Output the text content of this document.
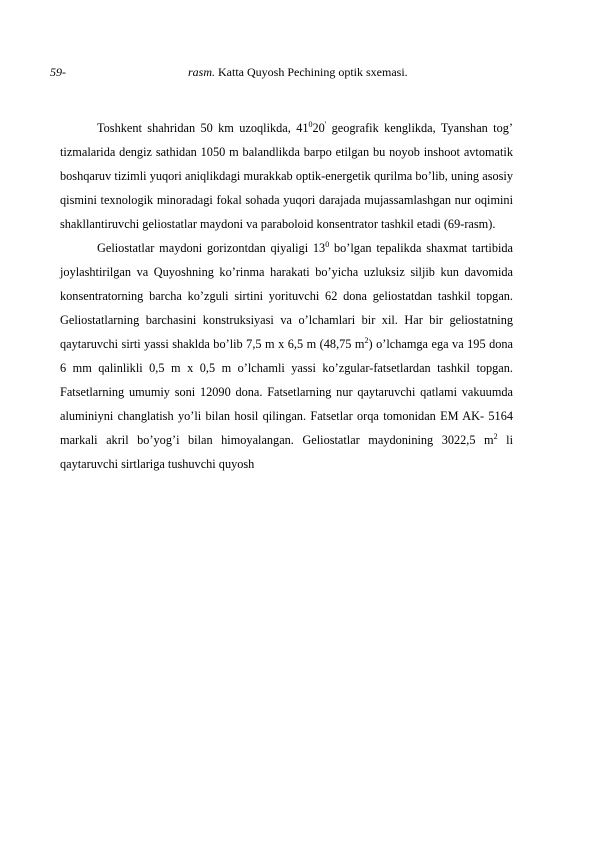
59-	rasm. Katta Quyosh Pechining optik sxemasi.

Toshkent shahridan 50 km uzoqlikda, $41^020'$ geografik kenglikda, Tyanshan tog’ tizmalarida dengiz sathidan 1050 m balandlikda barpo etilgan bu noyob inshoot avtomatik boshqaruv tizimli yuqori aniqlikdagi murakkab optik-energetik qurilma bo’lib, uning asosiy qismini texnologik minoradagi fokal sohada yuqori darajada mujassamlashgan nur oqimini shakllantiruvchi geliostatlar maydoni va paraboloid konsentrator tashkil etadi (69-rasm).

Geliostatlar maydoni gorizontdan qiyaligi $13^0$ bo’lgan tepalikda shaxmat tartibida joylashtirilgan va Quyoshning ko’rinma harakati bo’yicha uzluksiz siljib kun davomida konsentratorning barcha ko’zguli sirtini yorituvchi 62 dona geliostatdan tashkil topgan. Geliostatlarning barchasini konstruksiyasi va o’lchamlari bir xil. Har bir geliostatning qaytaruvchi sirti yassi shaklda bo’lib 7,5 m x 6,5 m (48,75 $m^2$) o’lchamga ega va 195 dona 6 mm qalinlikli 0,5 m x 0,5 m o’lchamli yassi ko’zgular-fatsetlardan tashkil topgan. Fatsetlarning umumiy soni 12090 dona. Fatsetlarning nur qaytaruvchi qatlami vakuumda aluminiyni changlatish yo’li bilan hosil qilingan. Fatsetlar orqa tomonidan EM AK- 5164 markali akril bo’yog’i bilan himoyalangan. Geliostatlar maydonining 3022,5 $m^2$ li qaytaruvchi sirtlariga tushuvchi quyosh
